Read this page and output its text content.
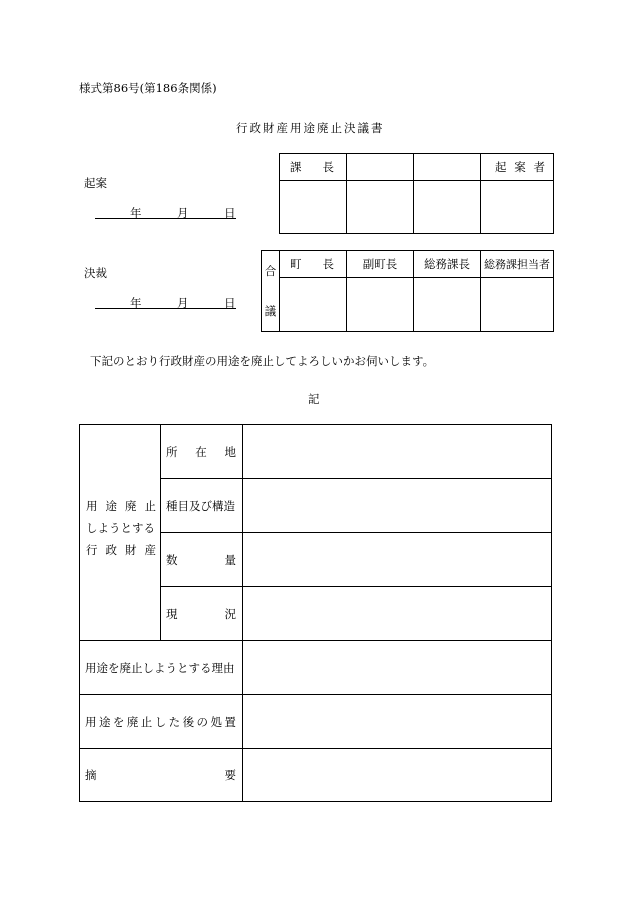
様式第86号(第186条関係)
行政財産用途廃止決議書
起案
年	月	日
決裁
年	月	日
課 長			起 案 者

合
議	町 長	副町長	総務課長	総務課担当者

下記のとおり行政財産の用途を廃止してよろしいかお伺いします。
記
用 途 廃 止
しようとする
行 政 財 産
所 在 地
種目及び構造
数	量
現	況
用途を廃止しようとする理由
用 途 を 廃 止 し た 後 の 処 置
摘	要
